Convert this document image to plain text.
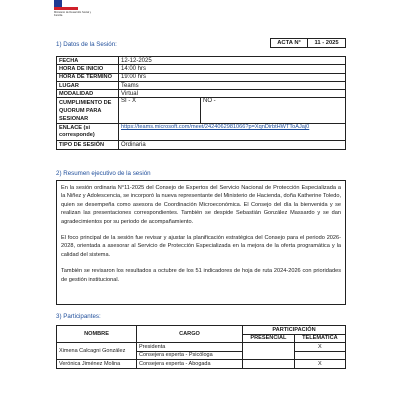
Ministerio de Desarrollo Social y Familia
1) Datos de la Sesión:	ACTA N°	11 - 2025
FECHA	12-12-2025	
HORA DE INICIO	14:00 hrs	
HORA DE TERMINO	19:00 hrs	
LUGAR	Teams	
MODALIDAD	Virtual	
CUMPLIMIENTO DE QUORUM PARA SESIONAR	SI - X	NO -
ENLACE (si corresponde)	https://teams.microsoft.com/meet/2424062981066?p=XqnDirbtHWTToAJaj0	

TIPO DE SESIÓN	Ordinaria	
2) Resumen ejecutivo de la sesión

En la sesión ordinaria N°11-2025 del Consejo de Expertos del Servicio Nacional de Protección Especializada a la Niñez y Adolescencia, se incorporó la nueva representante del Ministerio de Hacienda, doña Katherine Toledo, quien se desempeña como asesora de Coordinación Microeconómica. El Consejo del día la bienvenida y se realizan las presentaciones correspondientes. También se despide Sebastián González Massardo y se dan agradecimientos por su periodo de acompañamiento.

El foco principal de la sesión fue revisar y ajustar la planificación estratégica del Consejo para el periodo 2026-2028, orientada a asesorar al Servicio de Protección Especializada en la mejora de la oferta programática y la calidad del sistema.

También se revisaron los resultados a octubre de los 51 indicadores de hoja de ruta 2024-2026 con prioridades de gestión institucional.

3) Participantes:
NOMBRE	CARGO	PARTICIPACIÓN	
		PRESENCIAL	TELEMATICA
Ximena Calcagni González	Presidenta		X
	Consejera experta - Psicóloga		
Verónica Jiménez Molina	Consejera experta - Abogada		X
